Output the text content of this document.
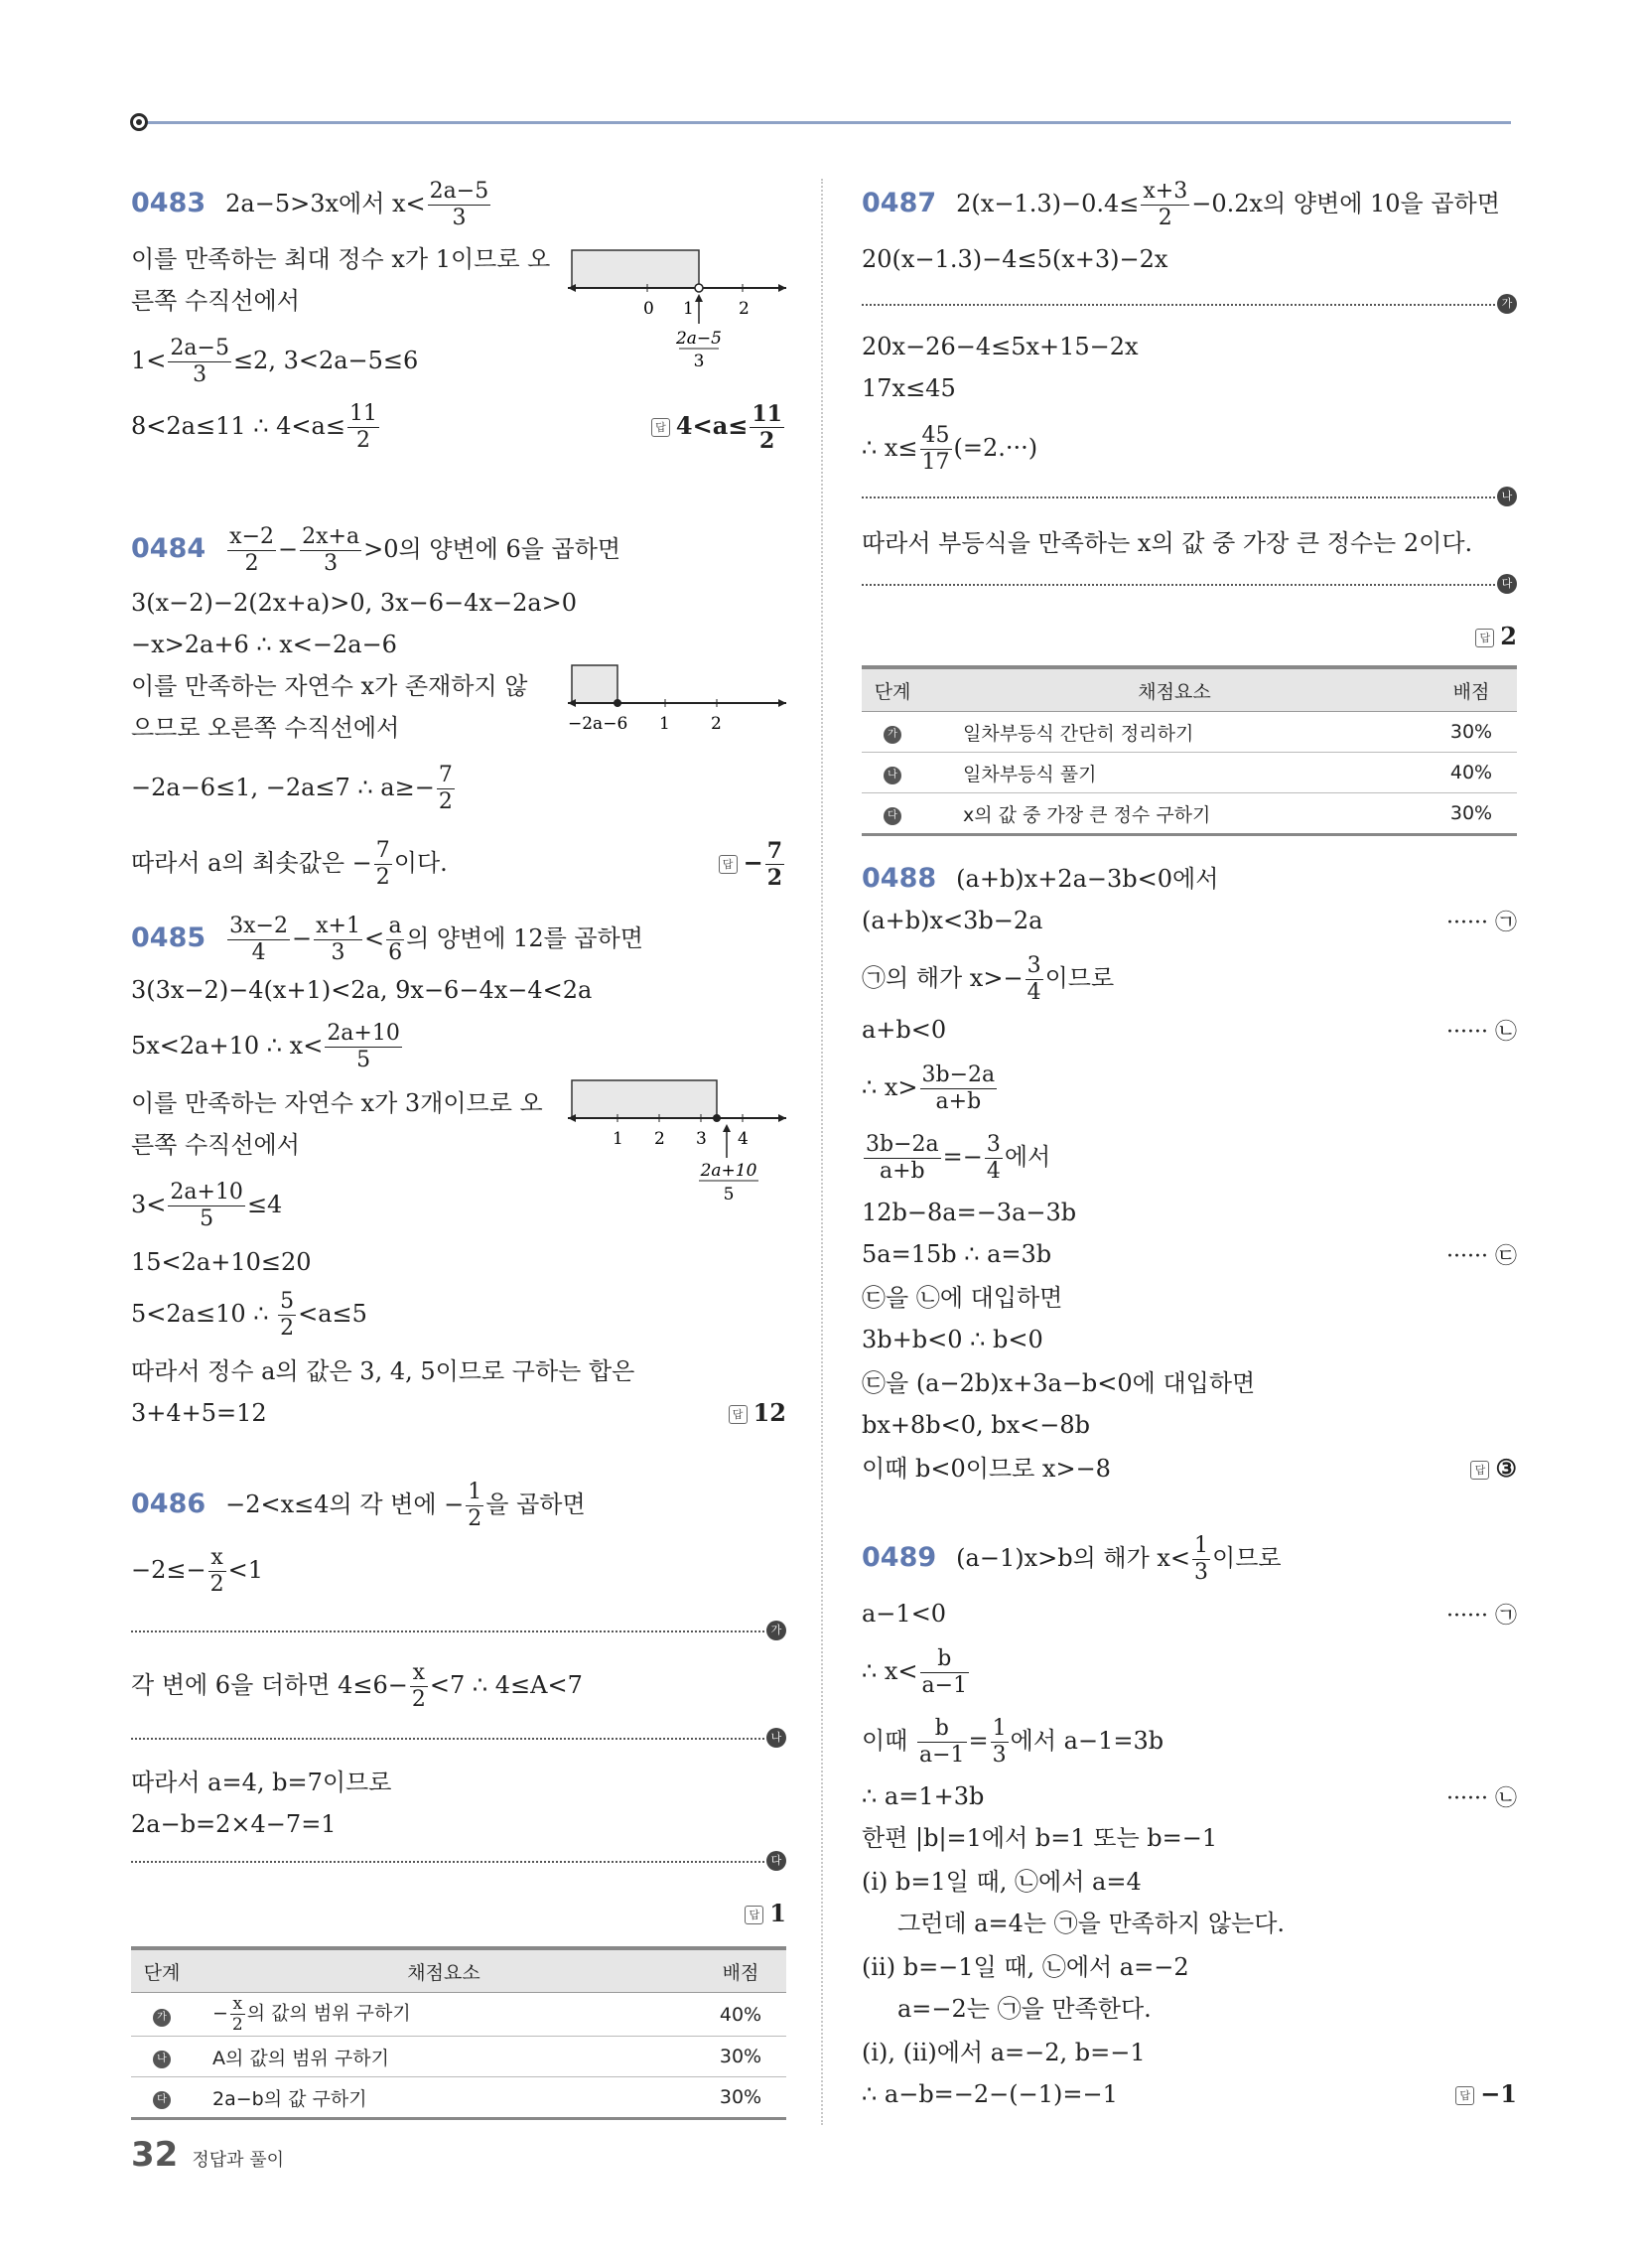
0483 2a−5>3x에서 $x< \frac{2a-5}{3}$
이를 만족하는 최대 정수 x가 1이므로 오
른쪽 수직선에서
$1< \frac{2a-5}{3} \le 2$, 3<2a−5≤6
8<2a≤11 ∴ $4<a\le \frac{11}{2}$	답 $4<a\le \frac{11}{2}$
0 1	2
2a−5
3
$0484 \frac{x-2}{2} - \frac{2x+a}{3} >0$의 양변에 6을 곱하면
3(x−2)−2(2x+a)>0, 3x−6−4x−2a>0
−x>2a+6 ∴ x<−2a−6
이를 만족하는 자연수 x가 존재하지 않
으므로 오른쪽 수직선에서
−2a−6≤1, −2a≤7 ∴ $a\ge- \frac{7}{2}$
따라서 a의 최솟값은 − $\frac{7}{2}$ 이다.	답 − $\frac{7}{2}$
−2a−6 1 2
$0485 \frac{3x-2}{4} - \frac{x+1}{3} < \frac{a}{6}$ 의 양변에 12를 곱하면
3(3x−2)−4(x+1)<2a, 9x−6−4x−4<2a
5x<2a+10 ∴ $x< \frac{2a+10}{5}$
이를 만족하는 자연수 x가 3개이므로 오
른쪽 수직선에서
$3< \frac{2a+10}{5} \le 4$
15<2a+10≤20
5<2a≤10 ∴ $\frac{5}{2} <a\le 5$
따라서 정수 a의 값은 3, 4, 5이므로 구하는 합은
3+4+5=12	답 12
1 2 3 4
2a+10
5
0486 −2<x≤4의 각 변에 − $\frac{1}{2}$ 을 곱하면
$-2\le- \frac{x}{2} <1$
가
각 변에 6을 더하면 $4\le 6- \frac{x}{2} <7$ ∴ 4≤A<7
나
따라서 a=4, b=7이므로
2a−b=2×4−7=1
다
답 1
단계	채점요소	배점
가	− $\frac{x}{2}$ 의 값의 범위 구하기	40%
나	A의 값의 범위 구하기	30%
다	2a−b의 값 구하기	30%
0487 $2(x-1.3)-0.4\le \frac{x+3}{2} -0.2x$의 양변에 10을 곱하면
20(x−1.3)−4≤5(x+3)−2x
가
20x−26−4≤5x+15−2x
17x≤45
∴ $x\le \frac{45}{17} (=2.\cdot\cdot\cdot)$
나
따라서 부등식을 만족하는 x의 값 중 가장 큰 정수는 2이다.
다
답 2
단계	채점요소	배점
가	일차부등식 간단히 정리하기	30%
나	일차부등식 풀기	40%
다	x의 값 중 가장 큰 정수 구하기	30%
0488 (a+b)x+2a−3b<0에서
(a+b)x<3b−2a	······ ㉠
㉠의 해가 $x>- \frac{3}{4}$ 이므로
a+b<0	······ ㉡
∴ $x> \frac{3b-2a}{a+b}$
$\frac{3b-2a}{a+b} =- \frac{3}{4}$ 에서
12b−8a=−3a−3b
5a=15b ∴ a=3b	······ ㉢
㉢을 ㉡에 대입하면
3b+b<0 ∴ b<0
㉢을 (a−2b)x+3a−b<0에 대입하면
bx+8b<0, bx<−8b
이때 b<0이므로 x>−8	답 ③
0489 (a−1)x>b의 해가 $x< \frac{1}{3}$ 이므로
a−1<0	······ ㉠
∴ $x< \frac{b}{a-1}$
이때 $\frac{b}{a-1} = \frac{1}{3}$ 에서 a−1=3b
∴ a=1+3b	······ ㉡
한편 |b|=1에서 b=1 또는 b=−1
(ⅰ) b=1일 때, ㉡에서 a=4
그런데 a=4는 ㉠을 만족하지 않는다.
(ⅱ) b=−1일 때, ㉡에서 a=−2
a=−2는 ㉠을 만족한다.
(ⅰ), (ⅱ)에서 a=−2, b=−1
∴ a−b=−2−(−1)=−1	답 −1
32 정답과 풀이
